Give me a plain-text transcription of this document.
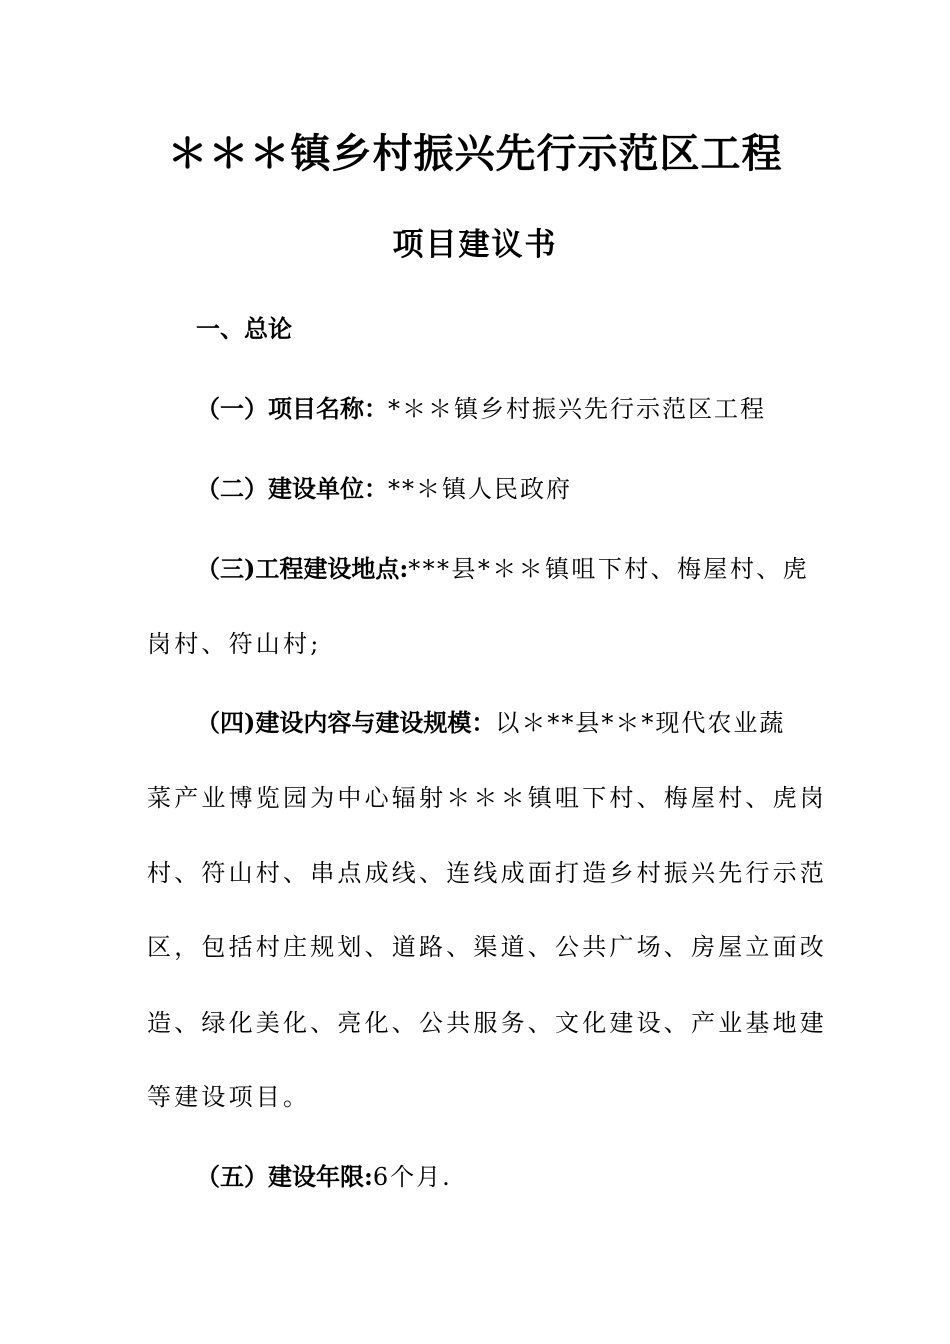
＊＊＊镇乡村振兴先行示范区工程
项目建议书
一、总论
（一）项目名称：*＊＊镇乡村振兴先行示范区工程
（二）建设单位：**＊镇人民政府
（三)工程建设地点:***县*＊＊镇咀下村、梅屋村、虎
岗村、符山村;
（四)建设内容与建设规模：以＊**县*＊*现代农业蔬
菜产业博览园为中心辐射＊＊＊镇咀下村、梅屋村、虎岗
村、符山村、串点成线、连线成面打造乡村振兴先行示范
区，包括村庄规划、道路、渠道、公共广场、房屋立面改
造、绿化美化、亮化、公共服务、文化建设、产业基地建
等建设项目。
（五）建设年限:6个月.
